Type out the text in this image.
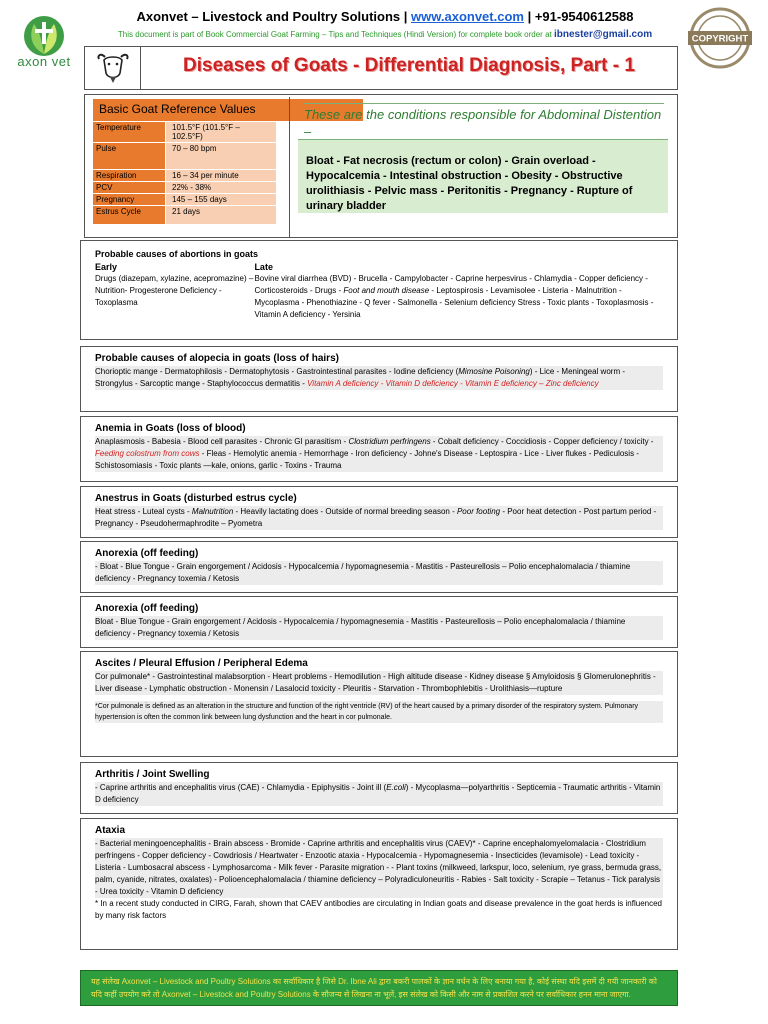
axon vet
Axonvet – Livestock and Poultry Solutions | www.axonvet.com | +91-9540612588
This document is part of Book Commercial Goat Farming – Tips and Techniques (Hindi Version) for complete book order at ibnester@gmail.com	COPYRIGHT
Diseases of Goats - Differential Diagnosis, Part - 1
Basic Goat Reference Values
Temperature	101.5°F (101.5°F – 102.5°F)
Pulse	70 – 80 bpm
Respiration	16 – 34 per minute
PCV	22% - 38%
Pregnancy	145 – 155 days
Estrus Cycle	21 days
These are the conditions responsible for Abdominal Distention –
Bloat - Fat necrosis (rectum or colon) - Grain overload - Hypocalcemia - Intestinal obstruction - Obesity - Obstructive urolithiasis - Pelvic mass - Peritonitis - Pregnancy - Rupture of urinary bladder
Probable causes of abortions in goats
Early
Drugs (diazepam, xylazine, acepromazine) – Nutrition- Progesterone Deficiency - Toxoplasma
Late
Bovine viral diarrhea (BVD) - Brucella - Campylobacter - Caprine herpesvirus - Chlamydia - Copper deficiency - Corticosteroids - Drugs - Foot and mouth disease - Leptospirosis - Levamisolee - Listeria - Malnutrition - Mycoplasma - Phenothiazine - Q fever - Salmonella - Selenium deficiency Stress - Toxic plants - Toxoplasmosis - Vitamin A deficiency - Yersinia
Probable causes of alopecia in goats (loss of hairs)
Chorioptic mange - Dermatophilosis - Dermatophytosis - Gastrointestinal parasites - Iodine deficiency (Mimosine Poisoning) - Lice - Meningeal worm - Strongylus - Sarcoptic mange - Staphylococcus dermatitis - Vitamin A deficiency - Vitamin D deficiency - Vitamin E deficiency – Zinc deficiency
Anemia in Goats (loss of blood)
Anaplasmosis - Babesia - Blood cell parasites - Chronic GI parasitism - Clostridium perfringens - Cobalt deficiency - Coccidiosis - Copper deficiency / toxicity - Feeding colostrum from cows - Fleas - Hemolytic anemia - Hemorrhage - Iron deficiency - Johne's Disease - Leptospira - Lice - Liver flukes - Pediculosis - Schistosomiasis - Toxic plants —kale, onions, garlic - Toxins - Trauma
Anestrus in Goats (disturbed estrus cycle)
Heat stress - Luteal cysts - Malnutrition - Heavily lactating does - Outside of normal breeding season - Poor footing - Poor heat detection - Post partum period - Pregnancy - Pseudohermaphrodite – Pyometra
Anorexia (off feeding)
- Bloat - Blue Tongue - Grain engorgement / Acidosis - Hypocalcemia / hypomagnesemia - Mastitis - Pasteurellosis – Polio encephalomalacia / thiamine deficiency - Pregnancy toxemia / Ketosis
Anorexia (off feeding)
Bloat - Blue Tongue - Grain engorgement / Acidosis - Hypocalcemia / hypomagnesemia - Mastitis - Pasteurellosis – Polio encephalomalacia / thiamine deficiency - Pregnancy toxemia / Ketosis
Ascites / Pleural Effusion / Peripheral Edema
Cor pulmonale* - Gastrointestinal malabsorption - Heart problems - Hemodilution - High altitude disease - Kidney disease § Amyloidosis § Glomerulonephritis - Liver disease - Lymphatic obstruction - Monensin / Lasalocid toxicity - Pleuritis - Starvation - Thrombophlebitis - Urolithiasis—rupture
*Cor pulmonale is defined as an alteration in the structure and function of the right ventricle (RV) of the heart caused by a primary disorder of the respiratory system. Pulmonary hypertension is often the common link between lung dysfunction and the heart in cor pulmonale.
Arthritis / Joint Swelling
- Caprine arthritis and encephalitis virus (CAE) - Chlamydia - Epiphysitis - Joint ill (E.coli) - Mycoplasma—polyarthritis - Septicemia - Traumatic arthritis - Vitamin D deficiency
Ataxia
- Bacterial meningoencephalitis - Brain abscess - Bromide - Caprine arthritis and encephalitis virus (CAEV)* - Caprine encephalomyelomalacia - Clostridium perfringens - Copper deficiency - Cowdriosis / Heartwater - Enzootic ataxia - Hypocalcemia - Hypomagnesemia - Insecticides (levamisole) - Lead toxicity - Listeria - Lumbosacral abscess - Lymphosarcoma - Milk fever - Parasite migration - - Plant toxins (milkweed, larkspur, loco, selenium, rye grass, bermuda grass, palm, cyanide, nitrates, oxalates) - Polioencephalomalacia / thiamine deficiency – Polyradiculoneuritis - Rabies - Salt toxicity - Scrapie – Tetanus - Tick paralysis - Urea toxicity - Vitamin D deficiency
* In a recent study conducted in CIRG, Farah, shown that CAEV antibodies are circulating in Indian goats and disease prevalence in the goat herds is influenced by many risk factors
यह संलेख Axonvet – Livestock and Poultry Solutions का सर्वाधिकार है जिसे Dr. Ibne Ali द्वारा बकरी पालकों के ज्ञान वर्धन के लिए बनाया गया है, कोई संस्था यदि इसमें दी गयी जानकारी को यदि कहीं उपयोग करे तो Axonvet – Livestock and Poultry Solutions के सौजन्य से लिखना ना भूलें, इस संलेख को किसी और नाम से प्रकाशित करने पर सर्वाधिकार हनन माना जाएगा.
